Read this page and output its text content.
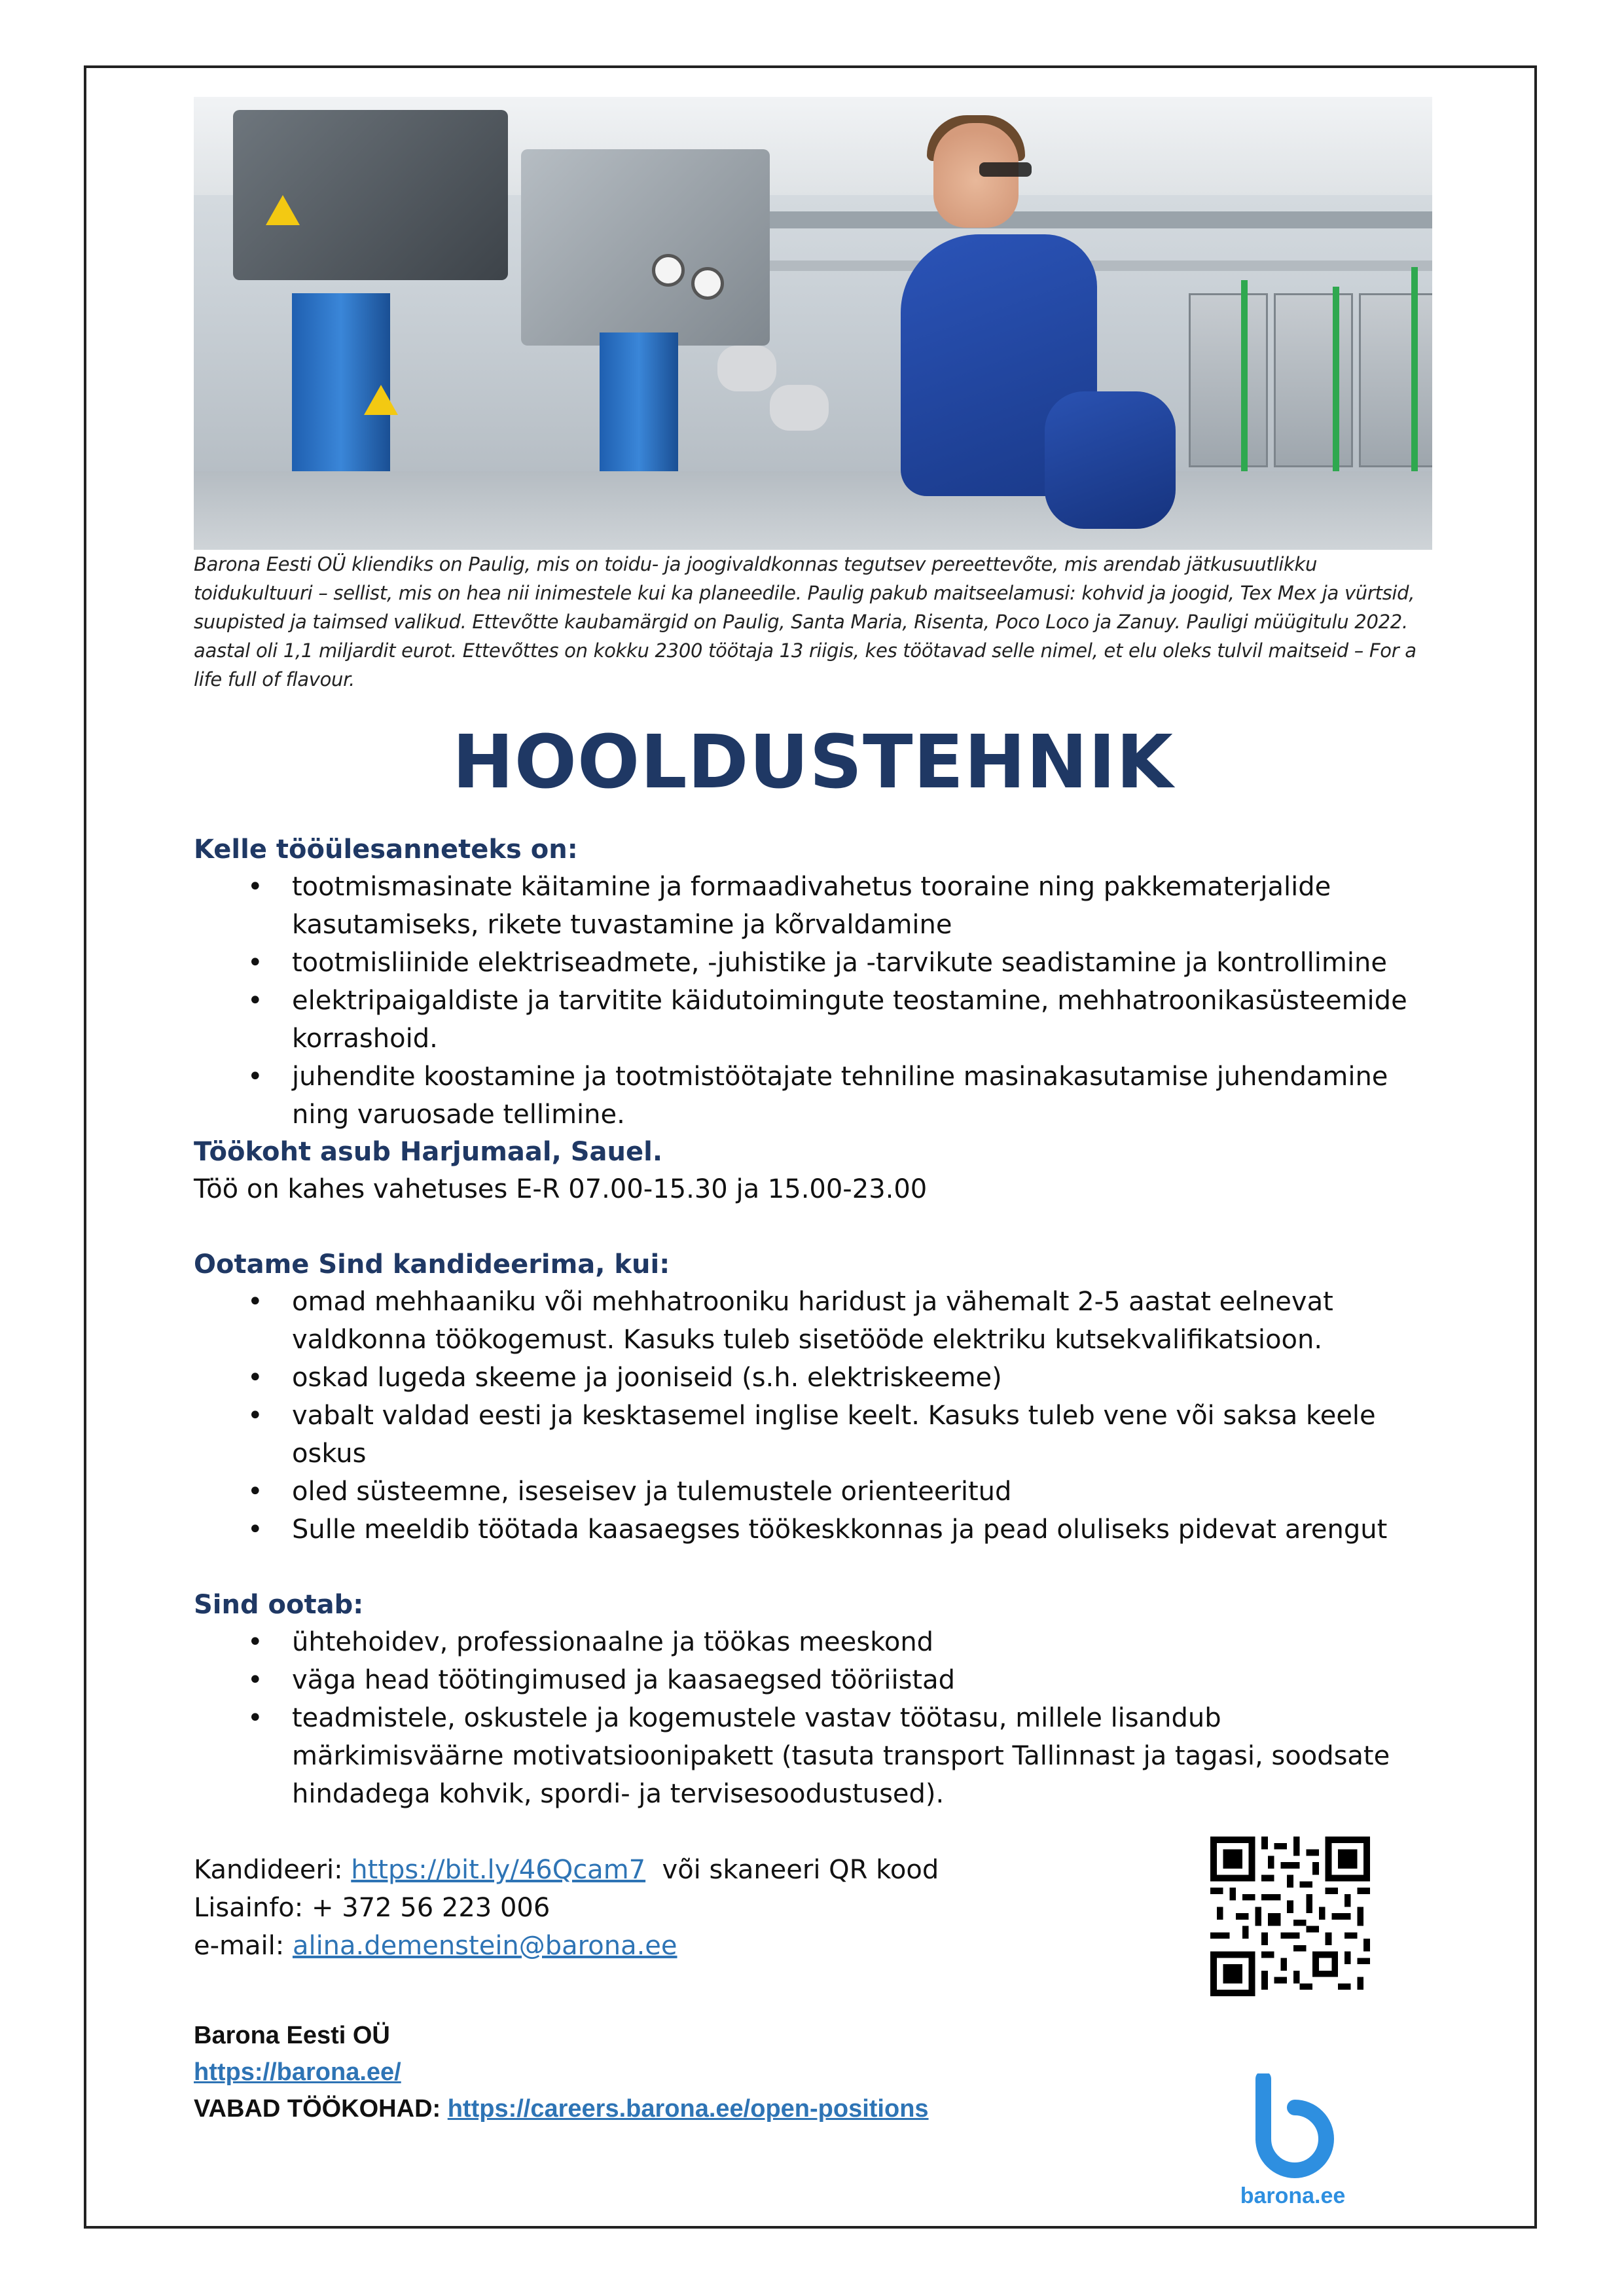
Barona Eesti OÜ kliendiks on Paulig, mis on toidu- ja joogivaldkonnas tegutsev pereettevõte, mis arendab jätkusuutlikku toidukultuuri – sellist, mis on hea nii inimestele kui ka planeedile. Paulig pakub maitseelamusi: kohvid ja joogid, Tex Mex ja vürtsid, suupisted ja taimsed valikud. Ettevõtte kaubamärgid on Paulig, Santa Maria, Risenta, Poco Loco ja Zanuy. Pauligi müügitulu 2022. aastal oli 1,1 miljardit eurot. Ettevõttes on kokku 2300 töötaja 13 riigis, kes töötavad selle nimel, et elu oleks tulvil maitseid – For a life full of flavour.

HOOLDUSTEHNIK

Kelle tööülesanneteks on:

• tootmismasinate käitamine ja formaadivahetus tooraine ning pakkematerjalide kasutamiseks, rikete tuvastamine ja kõrvaldamine
• tootmisliinide elektriseadmete, -juhistike ja -tarvikute seadistamine ja kontrollimine
• elektripaigaldiste ja tarvitite käidutoimingute teostamine, mehhatroonikasüsteemide korrashoid.
• juhendite koostamine ja tootmistöötajate tehniline masinakasutamise juhendamine ning varuosade tellimine.

Töökoht asub Harjumaal, Sauel.

Töö on kahes vahetuses E-R 07.00-15.30 ja 15.00-23.00

Ootame Sind kandideerima, kui:

• omad mehhaaniku või mehhatrooniku haridust ja vähemalt 2-5 aastat eelnevat valdkonna töökogemust. Kasuks tuleb sisetööde elektriku kutsekvalifikatsioon.
• oskad lugeda skeeme ja jooniseid (s.h. elektriskeeme)
• vabalt valdad eesti ja kesktasemel inglise keelt. Kasuks tuleb vene või saksa keele oskus
• oled süsteemne, iseseisev ja tulemustele orienteeritud
• Sulle meeldib töötada kaasaegses töökeskkonnas ja pead oluliseks pidevat arengut

Sind ootab:

• ühtehoidev, professionaalne ja töökas meeskond
• väga head töötingimused ja kaasaegsed tööriistad
• teadmistele, oskustele ja kogemustele vastav töötasu, millele lisandub märkimisväärne motivatsioonipakett (tasuta transport Tallinnast ja tagasi, soodsate hindadega kohvik, spordi- ja tervisesoodustused).

Kandideeri: https://bit.ly/46Qcam7  või skaneeri QR kood

Lisainfo: + 372 56 223 006

e-mail: alina.demenstein@barona.ee

Barona Eesti OÜ
https://barona.ee/
VABAD TÖÖKOHAD: https://careers.barona.ee/open-positions
barona.ee
